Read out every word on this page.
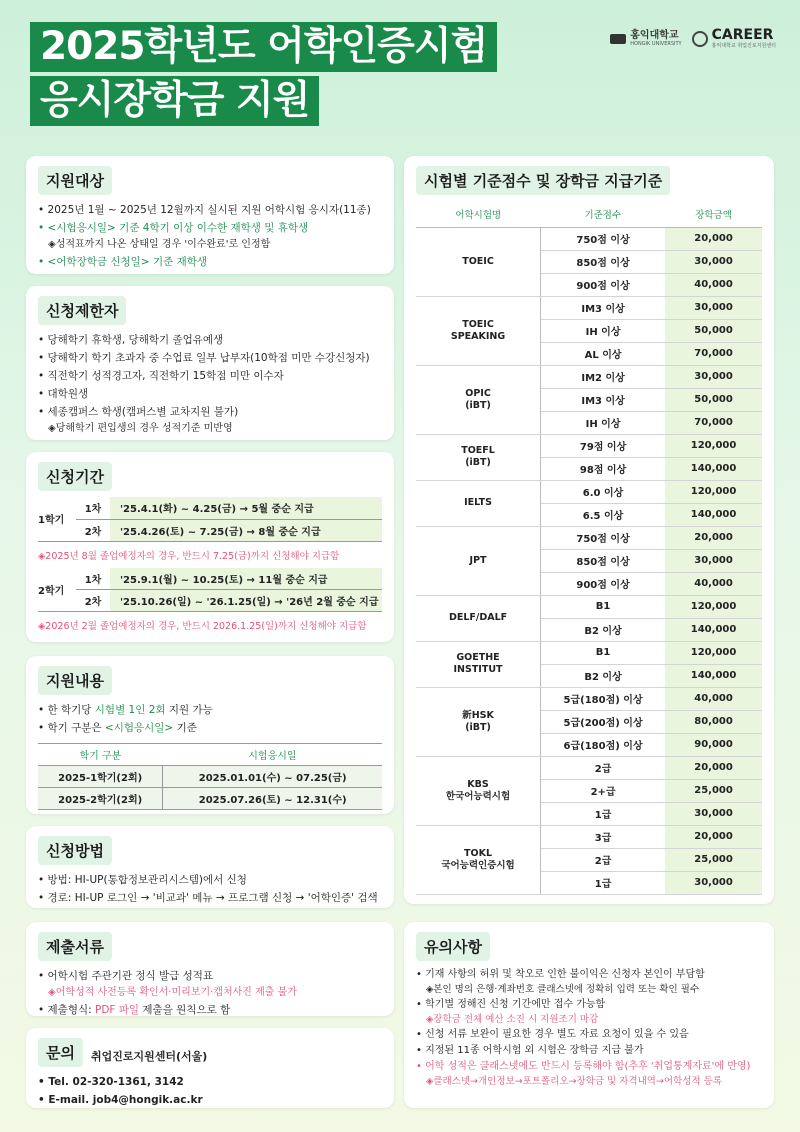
2025학년도 어학인증시험
응시장학금 지원
홍익대학교
HONGIK UNIVERSITY
CAREER
홍익대학교 취업진로지원센터
지원대상
• 2025년 1월 ~ 2025년 12월까지 실시된 지원 어학시험 응시자(11종)
• <시험응시일> 기준 4학기 이상 이수한 재학생 및 휴학생
◈성적표까지 나온 상태일 경우 '이수완료'로 인정함
• <어학장학금 신청일> 기준 재학생
신청제한자
• 당해학기 휴학생, 당해학기 졸업유예생
• 당해학기 학기 초과자 중 수업료 일부 납부자(10학점 미만 수강신청자)
• 직전학기 성적경고자, 직전학기 15학점 미만 이수자
• 대학원생
• 세종캠퍼스 학생(캠퍼스별 교차지원 불가)
◈당해학기 편입생의 경우 성적기준 미반영
신청기간
1학기	1차	'25.4.1(화) ~ 4.25(금) → 5월 중순 지급
	2차	'25.4.26(토) ~ 7.25(금) → 8월 중순 지급
◈2025년 8월 졸업예정자의 경우, 반드시 7.25(금)까지 신청해야 지급함
2학기	1차	'25.9.1(월) ~ 10.25(토) → 11월 중순 지급
	2차	'25.10.26(일) ~ '26.1.25(일) → '26년 2월 중순 지급
◈2026년 2월 졸업예정자의 경우, 반드시 2026.1.25(일)까지 신청해야 지급함
지원내용
• 한 학기당 시험별 1인 2회 지원 가능
• 학기 구분은 <시험응시일> 기준
학기 구분	시험응시일
2025-1학기(2회)	2025.01.01(수) ~ 07.25(금)
2025-2학기(2회)	2025.07.26(토) ~ 12.31(수)
신청방법
• 방법: HI-UP(통합정보관리시스템)에서 신청
• 경로: HI-UP 로그인 → '비교과' 메뉴 → 프로그램 신청 → '어학인증' 검색
제출서류
• 어학시험 주관기관 정식 발급 성적표
◈어학성적 사전등록 확인서·미리보기·캡처사진 제출 불가
• 제출형식: PDF 파일 제출을 원칙으로 함
문의	취업진로지원센터(서울)
• Tel. 02-320-1361, 3142
• E-mail. job4@hongik.ac.kr
시험별 기준점수 및 장학금 지급기준
어학시험명	기준점수	장학금액
TOEIC	750점 이상	20,000
	850점 이상	30,000
	900점 이상	40,000
TOEIC
SPEAKING	IM3 이상	30,000
	IH 이상	50,000
	AL 이상	70,000
OPIC
(iBT)	IM2 이상	30,000
	IM3 이상	50,000
	IH 이상	70,000
TOEFL
(iBT)	79점 이상	120,000
	98점 이상	140,000
IELTS	6.0 이상	120,000
	6.5 이상	140,000
JPT	750점 이상	20,000
	850점 이상	30,000
	900점 이상	40,000
DELF/DALF	B1	120,000
	B2 이상	140,000
GOETHE
INSTITUT	B1	120,000
	B2 이상	140,000
新HSK
(iBT)	5급(180점) 이상	40,000
	5급(200점) 이상	80,000
	6급(180점) 이상	90,000
KBS
한국어능력시험	2급	20,000
	2+급	25,000
	1급	30,000
TOKL
국어능력인증시험	3급	20,000
	2급	25,000
	1급	30,000
유의사항
• 기재 사항의 허위 및 착오로 인한 불이익은 신청자 본인이 부담함
◈본인 명의 은행·계좌번호 클래스넷에 정확히 입력 또는 확인 필수
• 학기별 정해진 신청 기간에만 접수 가능함
◈장학금 전체 예산 소진 시 지원조기 마감
• 신청 서류 보완이 필요한 경우 별도 자료 요청이 있을 수 있음
• 지정된 11종 어학시험 외 시험은 장학금 지급 불가
• 어학 성적은 클래스넷에도 반드시 등록해야 함(추후 '취업통계자료'에 반영)
◈클래스넷→개인정보→포트폴리오→장학금 및 자격내역→어학성적 등록
